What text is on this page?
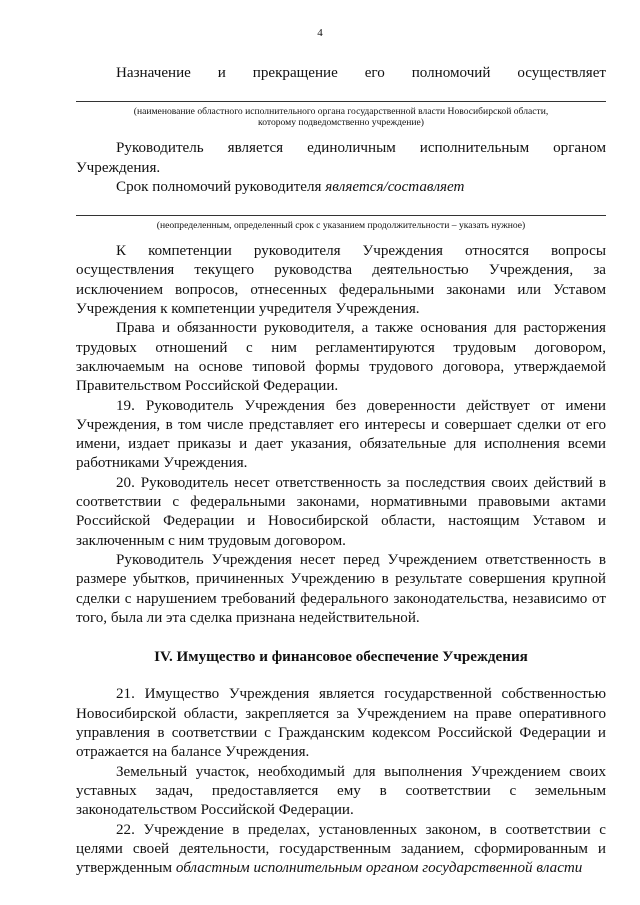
4

Назначение и прекращение его полномочий осуществляет

(наименование областного исполнительного органа государственной власти Новосибирской области,

которому подведомственно учреждение)

Руководитель является единоличным исполнительным органом Учреждения.

Срок полномочий руководителя является/составляет

(неопределенным, определенный срок с указанием продолжительности – указать нужное)

К компетенции руководителя Учреждения относятся вопросы осуществления текущего руководства деятельностью Учреждения, за исключением вопросов, отнесенных федеральными законами или Уставом Учреждения к компетенции учредителя Учреждения.

Права и обязанности руководителя, а также основания для расторжения трудовых отношений с ним регламентируются трудовым договором, заключаемым на основе типовой формы трудового договора, утверждаемой Правительством Российской Федерации.

19. Руководитель Учреждения без доверенности действует от имени Учреждения, в том числе представляет его интересы и совершает сделки от его имени, издает приказы и дает указания, обязательные для исполнения всеми работниками Учреждения.

20. Руководитель несет ответственность за последствия своих действий в соответствии с федеральными законами, нормативными правовыми актами Российской Федерации и Новосибирской области, настоящим Уставом и заключенным с ним трудовым договором.

Руководитель Учреждения несет перед Учреждением ответственность в размере убытков, причиненных Учреждению в результате совершения крупной сделки с нарушением требований федерального законодательства, независимо от того, была ли эта сделка признана недействительной.

IV. Имущество и финансовое обеспечение Учреждения

21. Имущество Учреждения является государственной собственностью Новосибирской области, закрепляется за Учреждением на праве оперативного управления в соответствии с Гражданским кодексом Российской Федерации и отражается на балансе Учреждения.

Земельный участок, необходимый для выполнения Учреждением своих уставных задач, предоставляется ему в соответствии с земельным законодательством Российской Федерации.

22. Учреждение в пределах, установленных законом, в соответствии с целями своей деятельности, государственным заданием, сформированным и утвержденным областным исполнительным органом государственной власти
